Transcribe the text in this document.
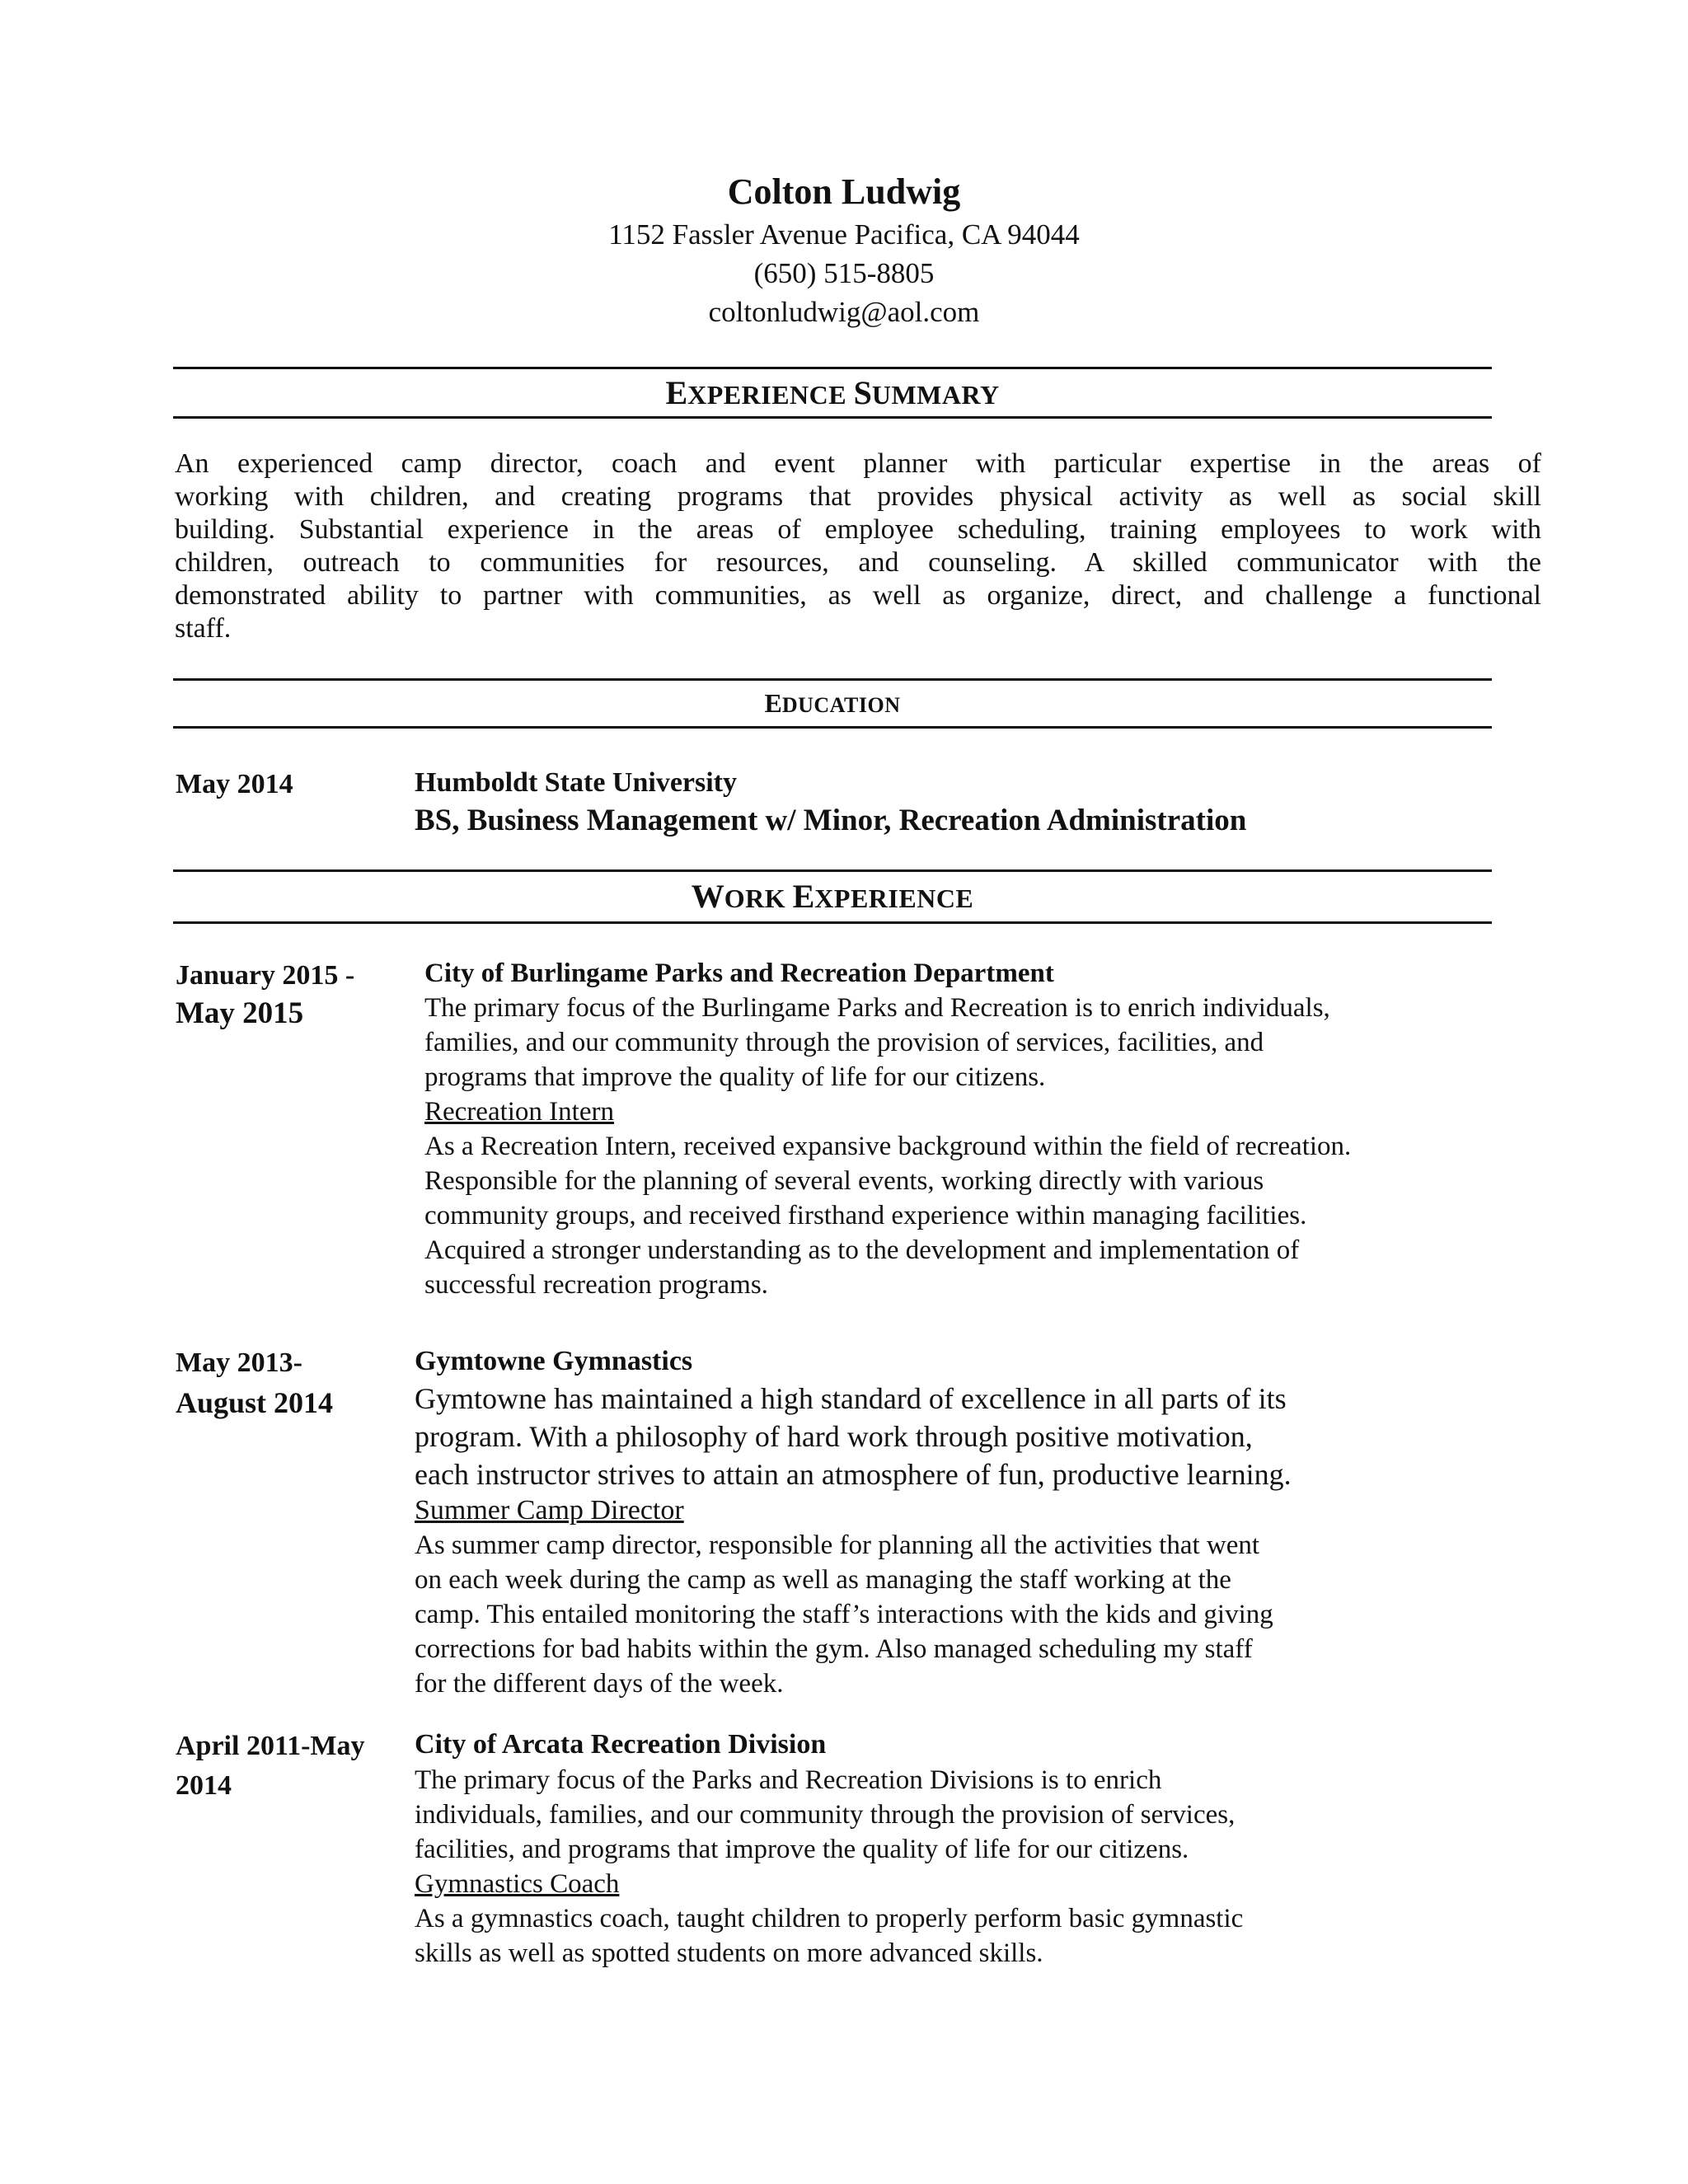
Colton Ludwig
1152 Fassler Avenue Pacifica, CA 94044
(650) 515-8805
coltonludwig@aol.com
EXPERIENCE SUMMARY
An experienced camp director, coach and event planner with particular expertise in the areas of
working with children, and creating programs that provides physical activity as well as social skill
building. Substantial experience in the areas of employee scheduling, training employees to work with
children, outreach to communities for resources, and counseling. A skilled communicator with the
demonstrated ability to partner with communities, as well as organize, direct, and challenge a functional
staff.
EDUCATION
May 2014	Humboldt State University
BS, Business Management w/ Minor, Recreation Administration
WORK EXPERIENCE
January 2015 -
May 2015
City of Burlingame Parks and Recreation Department
The primary focus of the Burlingame Parks and Recreation is to enrich individuals,
families, and our community through the provision of services, facilities, and
programs that improve the quality of life for our citizens.
Recreation Intern
As a Recreation Intern, received expansive background within the field of recreation.
Responsible for the planning of several events, working directly with various
community groups, and received firsthand experience within managing facilities.
Acquired a stronger understanding as to the development and implementation of
successful recreation programs.
May 2013-
August 2014
Gymtowne Gymnastics
Gymtowne has maintained a high standard of excellence in all parts of its
program. With a philosophy of hard work through positive motivation,
each instructor strives to attain an atmosphere of fun, productive learning.
Summer Camp Director
As summer camp director, responsible for planning all the activities that went
on each week during the camp as well as managing the staff working at the
camp. This entailed monitoring the staff’s interactions with the kids and giving
corrections for bad habits within the gym. Also managed scheduling my staff
for the different days of the week.
April 2011-May
2014
City of Arcata Recreation Division
The primary focus of the Parks and Recreation Divisions is to enrich
individuals, families, and our community through the provision of services,
facilities, and programs that improve the quality of life for our citizens.
Gymnastics Coach
As a gymnastics coach, taught children to properly perform basic gymnastic
skills as well as spotted students on more advanced skills.
